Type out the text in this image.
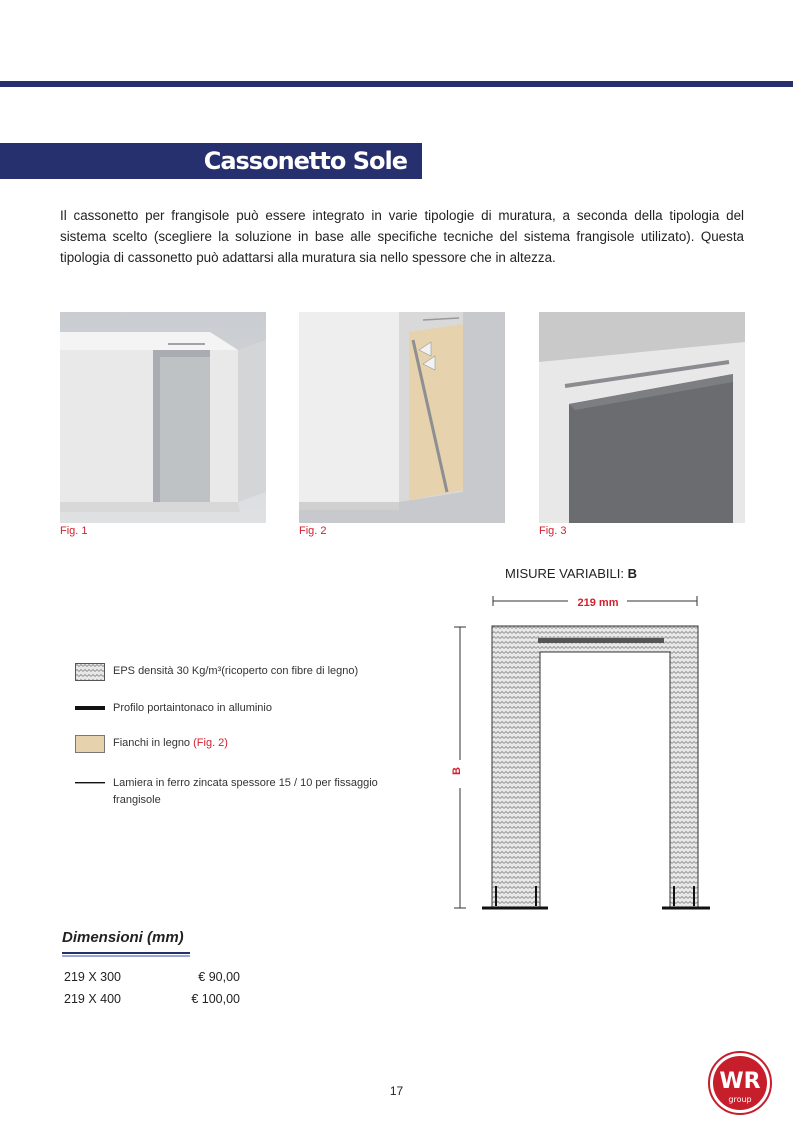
Cassonetto Sole

Il cassonetto per frangisole può essere integrato in varie tipologie di muratura, a seconda della tipologia del sistema scelto (scegliere la soluzione in base alle specifiche tecniche del sistema frangisole utilizato). Questa tipologia di cassonetto può adattarsi alla muratura sia nello spessore che in altezza.

Fig. 1	Fig. 2	Fig. 3
MISURE VARIABILI: B
219 mm
B
EPS densità 30 Kg/m³(ricoperto con fibre di legno)
Profilo portaintonaco in alluminio
Fianchi in legno (Fig. 2)
Lamiera in ferro zincata spessore 15 / 10 per fissaggio frangisole
Dimensioni (mm)
219 X 300	€ 90,00
219 X 400	€ 100,00
17	WR
group
